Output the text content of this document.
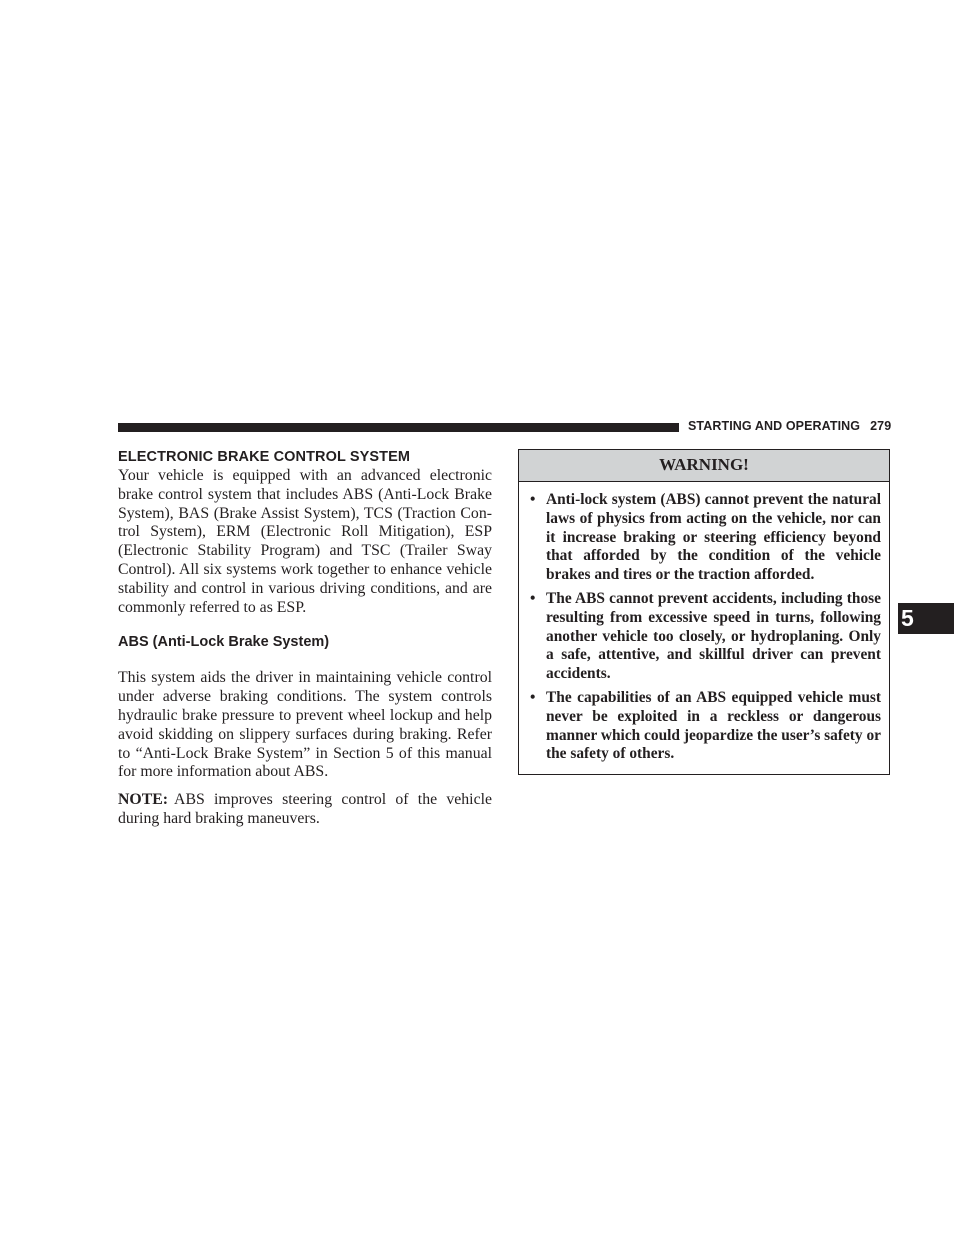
STARTING AND OPERATING 279
ELECTRONIC BRAKE CONTROL SYSTEM

Your vehicle is equipped with an advanced electronic brake control system that includes ABS (Anti-Lock Brake System), BAS (Brake Assist System), TCS (Traction Control System), ERM (Electronic Roll Mitigation), ESP (Electronic Stability Program) and TSC (Trailer Sway Control). All six systems work together to enhance vehicle stability and control in various driving conditions, and are commonly referred to as ESP.

ABS (Anti-Lock Brake System)

This system aids the driver in maintaining vehicle control under adverse braking conditions. The system controls hydraulic brake pressure to prevent wheel lockup and help avoid skidding on slippery surfaces during braking. Refer to “Anti-Lock Brake System” in Section 5 of this manual for more information about ABS.

NOTE: ABS improves steering control of the vehicle during hard braking maneuvers.

WARNING!
• Anti-lock system (ABS) cannot prevent the natural laws of physics from acting on the vehicle, nor can it increase braking or steering efficiency beyond that afforded by the condition of the vehicle brakes and tires or the traction afforded.
• The ABS cannot prevent accidents, including those resulting from excessive speed in turns, following another vehicle too closely, or hydroplaning. Only a safe, attentive, and skillful driver can prevent accidents.
• The capabilities of an ABS equipped vehicle must never be exploited in a reckless or dangerous manner which could jeopardize the user’s safety or the safety of others.
5
